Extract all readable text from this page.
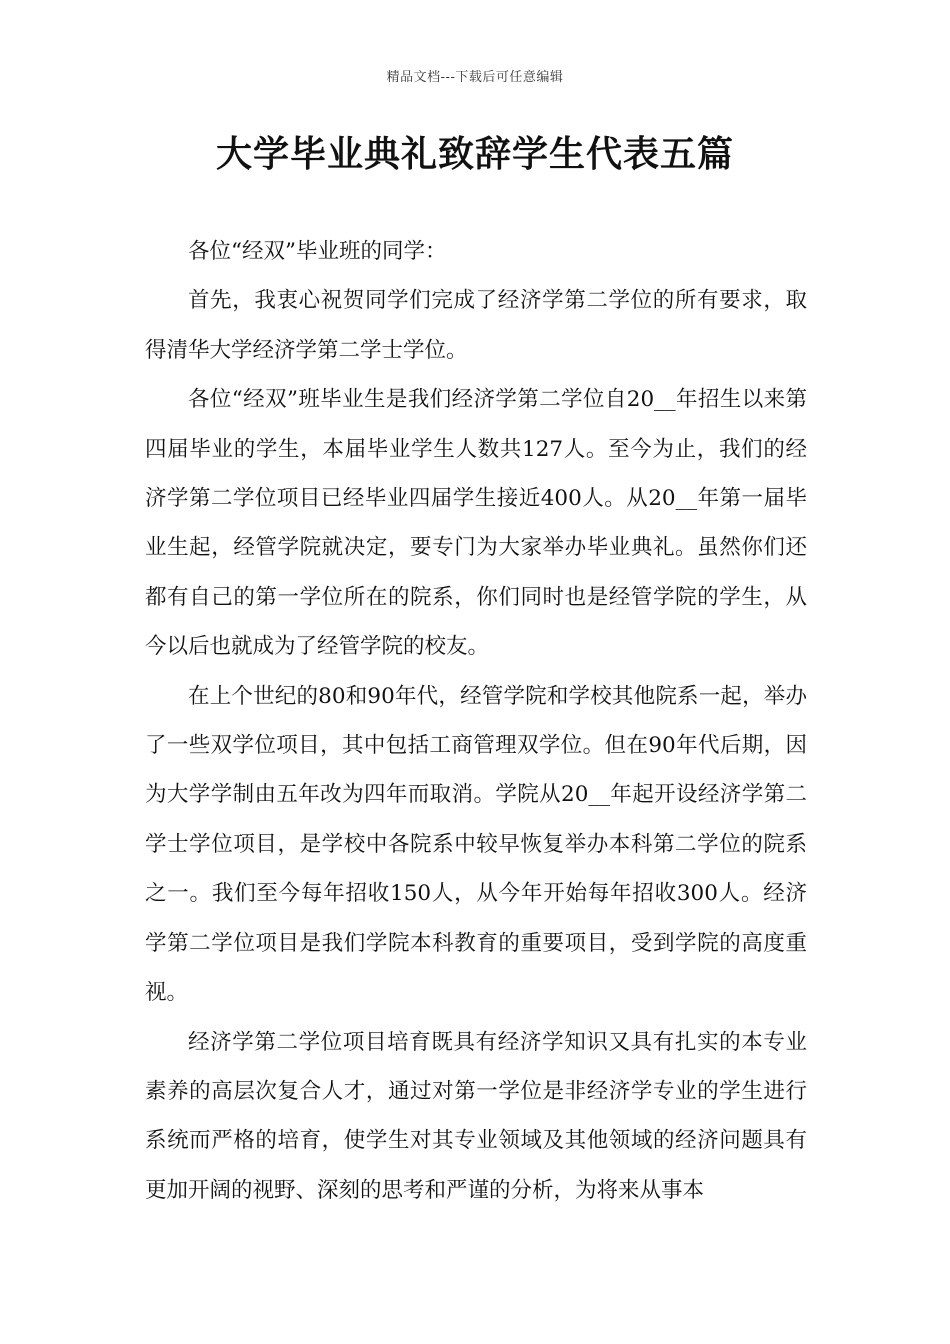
精品文档---下载后可任意编辑
大学毕业典礼致辞学生代表五篇

各位“经双”毕业班的同学：

首先，我衷心祝贺同学们完成了经济学第二学位的所有要求，取得清华大学经济学第二学士学位。

各位“经双”班毕业生是我们经济学第二学位自20__年招生以来第四届毕业的学生，本届毕业学生人数共127人。至今为止，我们的经济学第二学位项目已经毕业四届学生接近400人。从20__年第一届毕业生起，经管学院就决定，要专门为大家举办毕业典礼。虽然你们还都有自己的第一学位所在的院系，你们同时也是经管学院的学生，从今以后也就成为了经管学院的校友。

在上个世纪的80和90年代，经管学院和学校其他院系一起，举办了一些双学位项目，其中包括工商管理双学位。但在90年代后期，因为大学学制由五年改为四年而取消。学院从20__年起开设经济学第二学士学位项目，是学校中各院系中较早恢复举办本科第二学位的院系之一。我们至今每年招收150人，从今年开始每年招收300人。经济学第二学位项目是我们学院本科教育的重要项目，受到学院的高度重视。

经济学第二学位项目培育既具有经济学知识又具有扎实的本专业素养的高层次复合人才，通过对第一学位是非经济学专业的学生进行系统而严格的培育，使学生对其专业领域及其他领域的经济问题具有更加开阔的视野、深刻的思考和严谨的分析，为将来从事本
